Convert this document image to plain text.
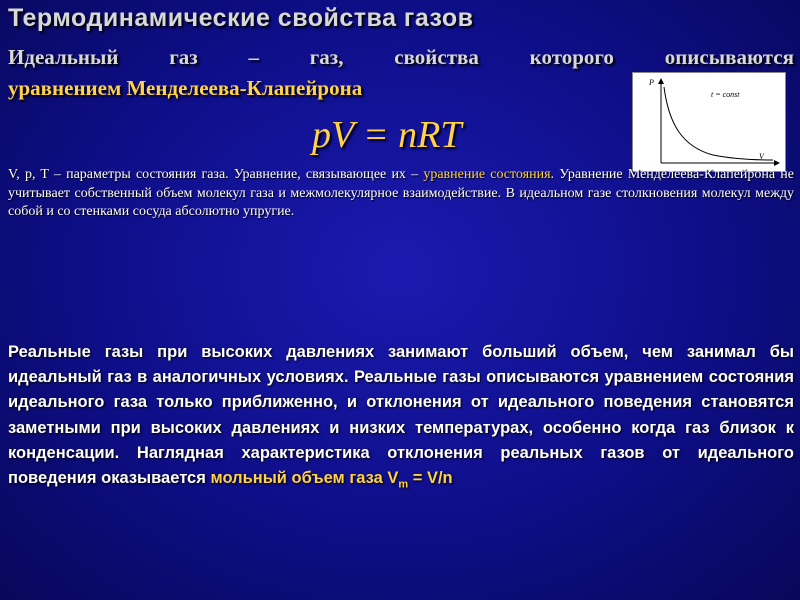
Термодинамические свойства газов
Идеальный газ – газ, свойства которого описываются
уравнением Менделеева-Клапейрона
pV = nRT
P
V
t = const
V, p, T – параметры состояния газа. Уравнение, связывающее их – уравнение состояния. Уравнение Менделеева-Клапейрона не учитывает собственный объем молекул газа и межмолекулярное взаимодействие. В идеальном газе столкновения молекул между собой и со стенками сосуда абсолютно упругие.
Реальные газы при высоких давлениях занимают больший объем, чем занимал бы идеальный газ в аналогичных условиях. Реальные газы описываются уравнением состояния идеального газа только приближенно, и отклонения от идеального поведения становятся заметными при высоких давлениях и низких температурах, особенно когда газ близок к конденсации. Наглядная характеристика отклонения реальных газов от идеального поведения оказывается мольный объем газа $V_m = V/n$
